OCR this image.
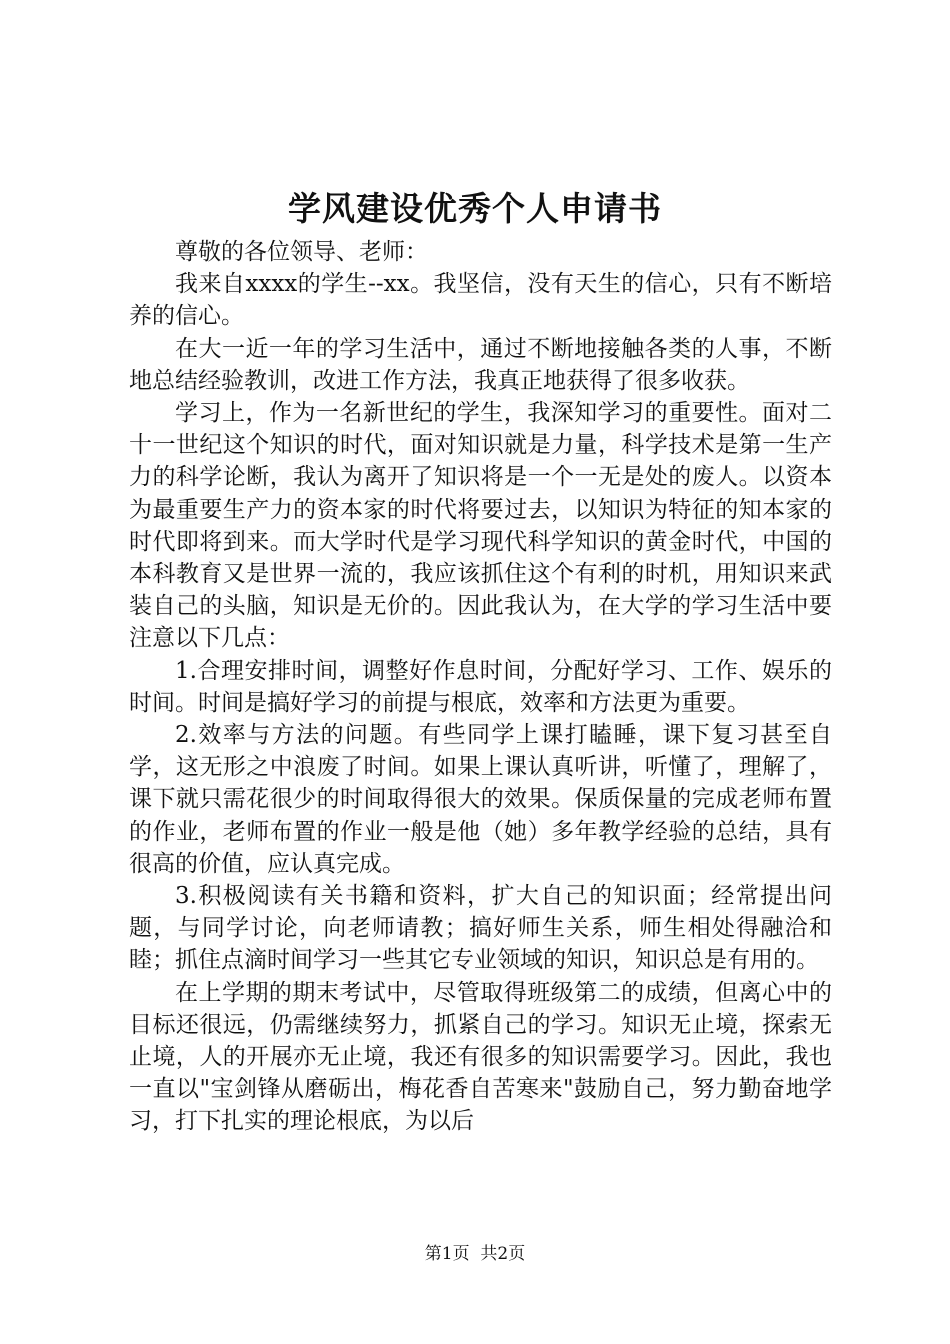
学风建设优秀个人申请书

尊敬的各位领导、老师：

我来自xxxx的学生--xx。我坚信，没有天生的信心，只有不断培养的信心。

在大一近一年的学习生活中，通过不断地接触各类的人事，不断地总结经验教训，改进工作方法，我真正地获得了很多收获。

学习上，作为一名新世纪的学生，我深知学习的重要性。面对二十一世纪这个知识的时代，面对知识就是力量，科学技术是第一生产力的科学论断，我认为离开了知识将是一个一无是处的废人。以资本为最重要生产力的资本家的时代将要过去，以知识为特征的知本家的时代即将到来。而大学时代是学习现代科学知识的黄金时代，中国的本科教育又是世界一流的，我应该抓住这个有利的时机，用知识来武装自己的头脑，知识是无价的。因此我认为，在大学的学习生活中要注意以下几点：

1.合理安排时间，调整好作息时间，分配好学习、工作、娱乐的时间。时间是搞好学习的前提与根底，效率和方法更为重要。

2.效率与方法的问题。有些同学上课打瞌睡，课下复习甚至自学，这无形之中浪废了时间。如果上课认真听讲，听懂了，理解了，课下就只需花很少的时间取得很大的效果。保质保量的完成老师布置的作业，老师布置的作业一般是他（她）多年教学经验的总结，具有很高的价值，应认真完成。

3.积极阅读有关书籍和资料，扩大自己的知识面；经常提出问题，与同学讨论，向老师请教；搞好师生关系，师生相处得融洽和睦；抓住点滴时间学习一些其它专业领域的知识，知识总是有用的。

在上学期的期末考试中，尽管取得班级第二的成绩，但离心中的目标还很远，仍需继续努力，抓紧自己的学习。知识无止境，探索无止境，人的开展亦无止境，我还有很多的知识需要学习。因此，我也一直以"宝剑锋从磨砺出，梅花香自苦寒来"鼓励自己，努力勤奋地学习，打下扎实的理论根底，为以后

第1页 共2页
